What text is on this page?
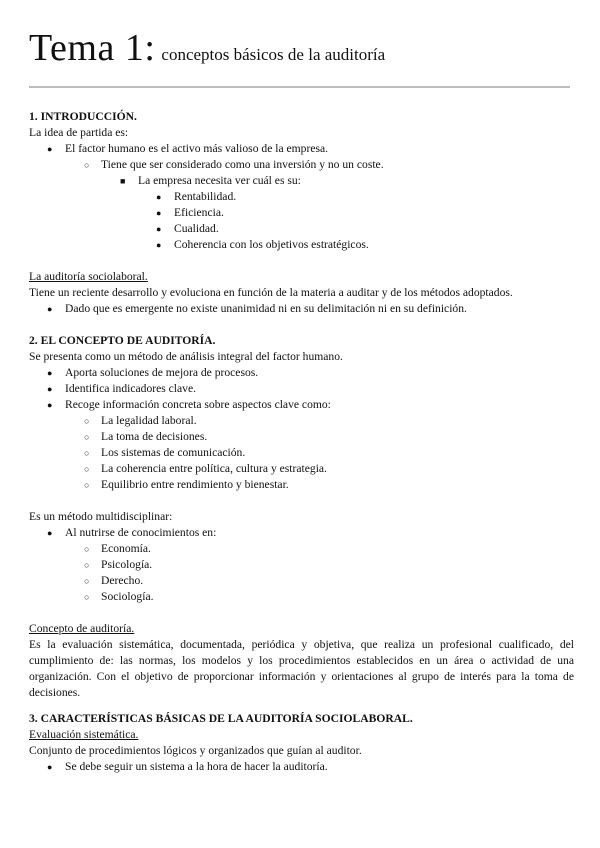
Tema 1: conceptos básicos de la auditoría

1. INTRODUCCIÓN.

La idea de partida es:

● El factor humano es el activo más valioso de la empresa.

○ Tiene que ser considerado como una inversión y no un coste.

■ La empresa necesita ver cuál es su:

● Rentabilidad.

● Eficiencia.

● Cualidad.

● Coherencia con los objetivos estratégicos.

La auditoría sociolaboral.

Tiene un reciente desarrollo y evoluciona en función de la materia a auditar y de los métodos adoptados.

● Dado que es emergente no existe unanimidad ni en su delimitación ni en su definición.

2. EL CONCEPTO DE AUDITORÍA.

Se presenta como un método de análisis integral del factor humano.

● Aporta soluciones de mejora de procesos.

● Identifica indicadores clave.

● Recoge información concreta sobre aspectos clave como:

○ La legalidad laboral.

○ La toma de decisiones.

○ Los sistemas de comunicación.

○ La coherencia entre política, cultura y estrategia.

○ Equilibrio entre rendimiento y bienestar.

Es un método multidisciplinar:

● Al nutrirse de conocimientos en:

○ Economía.

○ Psicología.

○ Derecho.

○ Sociología.

Concepto de auditoría.

Es la evaluación sistemática, documentada, periódica y objetiva, que realiza un profesional cualificado, del cumplimiento de: las normas, los modelos y los procedimientos establecidos en un área o actividad de una organización. Con el objetivo de proporcionar información y orientaciones al grupo de interés para la toma de decisiones.

3. CARACTERÍSTICAS BÁSICAS DE LA AUDITORÍA SOCIOLABORAL.

Evaluación sistemática.

Conjunto de procedimientos lógicos y organizados que guían al auditor.

● Se debe seguir un sistema a la hora de hacer la auditoría.
